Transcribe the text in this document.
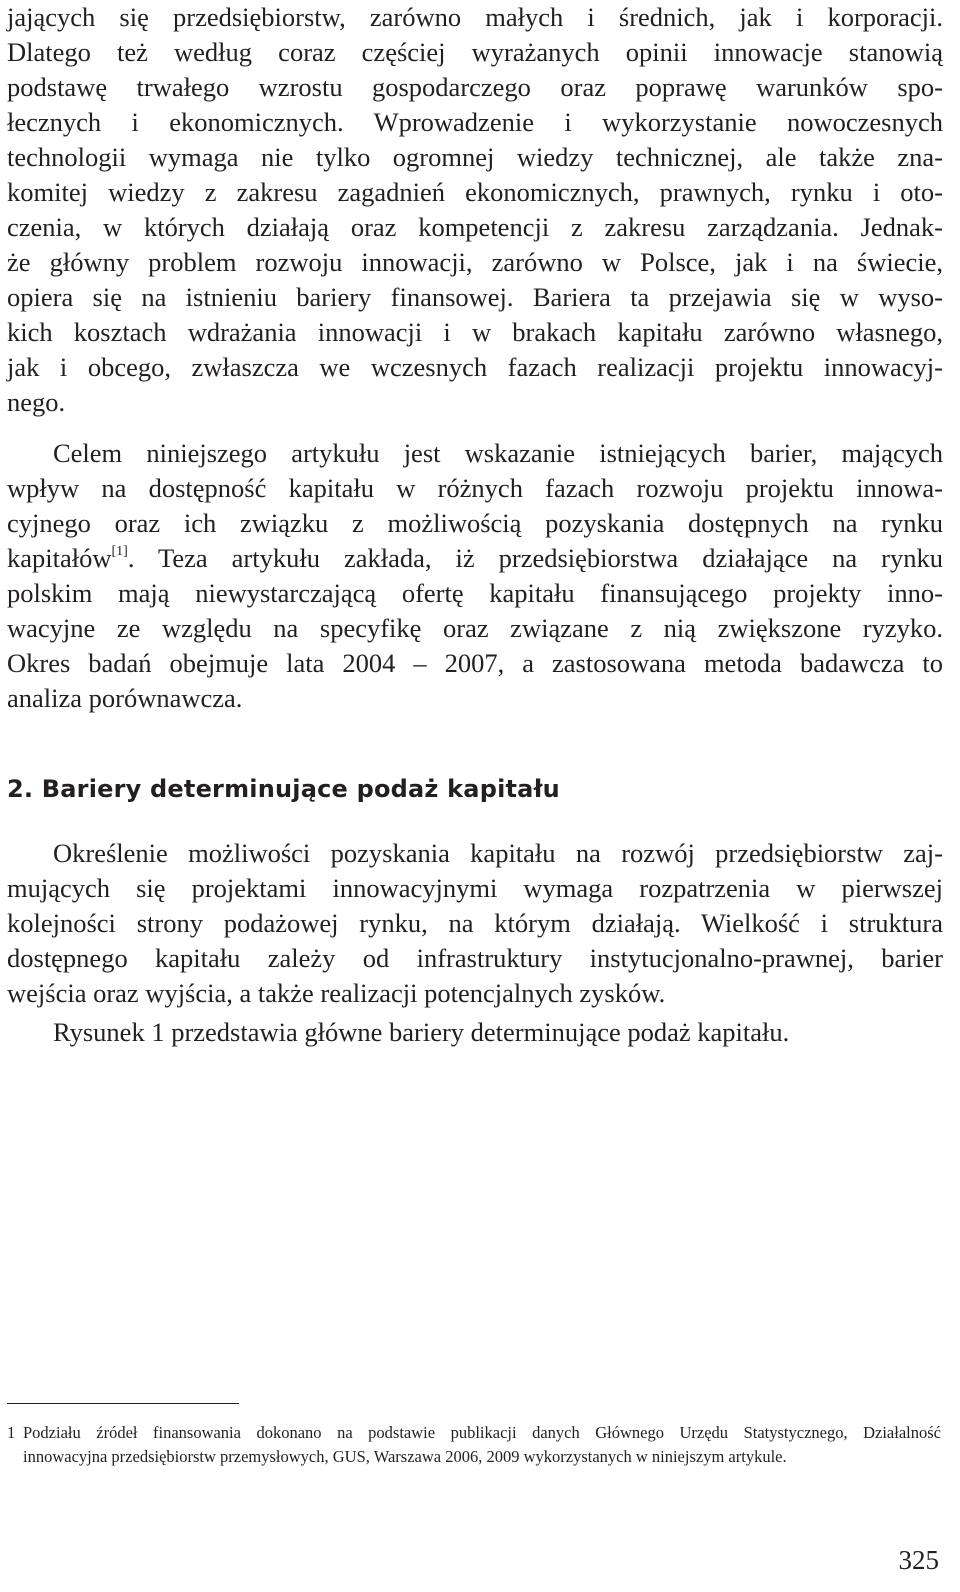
jających się przedsiębiorstw, zarówno małych i średnich, jak i korporacji.
Dlatego też według coraz częściej wyrażanych opinii innowacje stanowią
podstawę trwałego wzrostu gospodarczego oraz poprawę warunków spo-
łecznych i ekonomicznych. Wprowadzenie i wykorzystanie nowoczesnych
technologii wymaga nie tylko ogromnej wiedzy technicznej, ale także zna-
komitej wiedzy z zakresu zagadnień ekonomicznych, prawnych, rynku i oto-
czenia, w których działają oraz kompetencji z zakresu zarządzania. Jednak-
że główny problem rozwoju innowacji, zarówno w Polsce, jak i na świecie,
opiera się na istnieniu bariery finansowej. Bariera ta przejawia się w wyso-
kich kosztach wdrażania innowacji i w brakach kapitału zarówno własnego,
jak i obcego, zwłaszcza we wczesnych fazach realizacji projektu innowacyj-
nego.
Celem niniejszego artykułu jest wskazanie istniejących barier, mających
wpływ na dostępność kapitału w różnych fazach rozwoju projektu innowa-
cyjnego oraz ich związku z możliwością pozyskania dostępnych na rynku
kapitałów[1]. Teza artykułu zakłada, iż przedsiębiorstwa działające na rynku
polskim mają niewystarczającą ofertę kapitału finansującego projekty inno-
wacyjne ze względu na specyfikę oraz związane z nią zwiększone ryzyko.
Okres badań obejmuje lata 2004 – 2007, a zastosowana metoda badawcza to
analiza porównawcza.
2. Bariery determinujące podaż kapitału
Określenie możliwości pozyskania kapitału na rozwój przedsiębiorstw zaj-
mujących się projektami innowacyjnymi wymaga rozpatrzenia w pierwszej
kolejności strony podażowej rynku, na którym działają. Wielkość i struktura
dostępnego kapitału zależy od infrastruktury instytucjonalno-prawnej, barier
wejścia oraz wyjścia, a także realizacji potencjalnych zysków.
Rysunek 1 przedstawia główne bariery determinujące podaż kapitału.
1 Podziału źródeł finansowania dokonano na podstawie publikacji danych Głównego Urzędu Statystycznego, Działalność
innowacyjna przedsiębiorstw przemysłowych, GUS, Warszawa 2006, 2009 wykorzystanych w niniejszym artykule.
325
